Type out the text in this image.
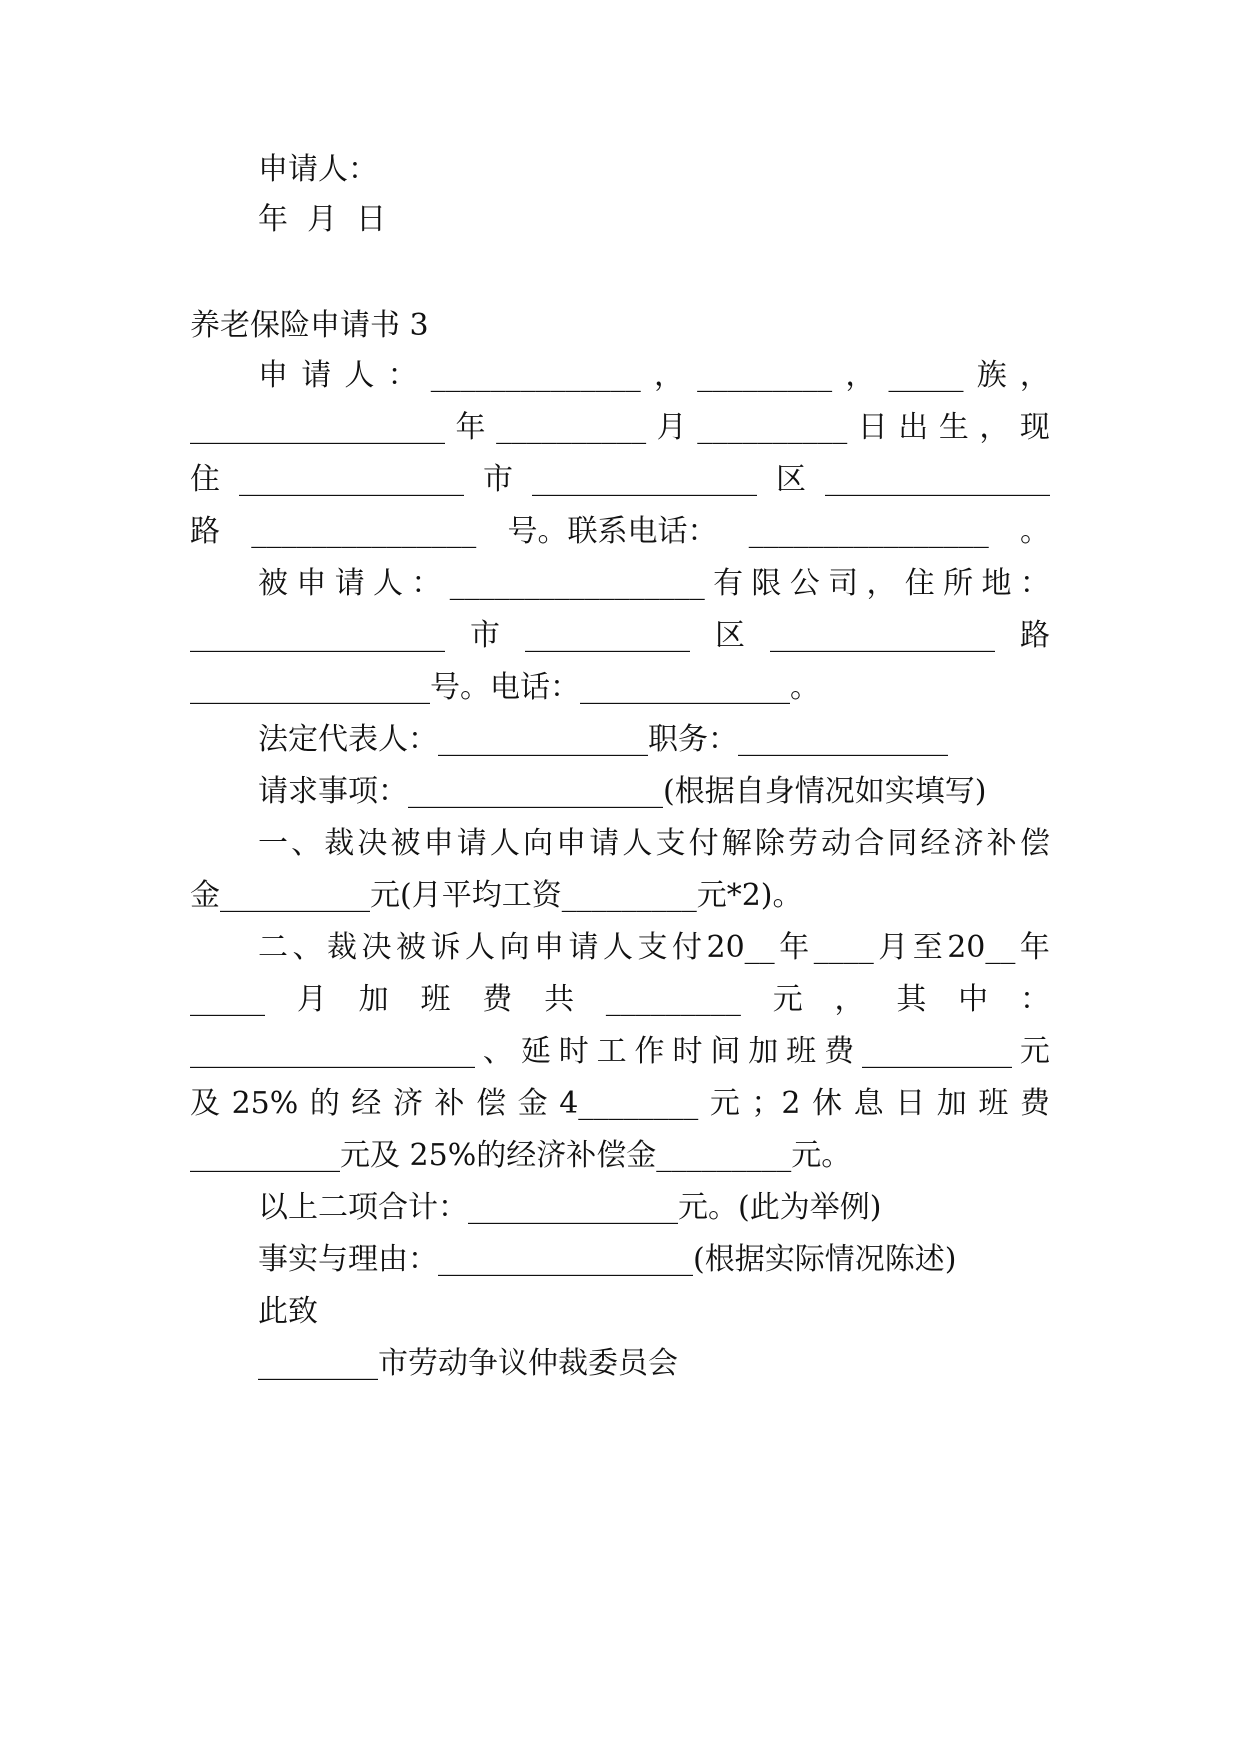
申请人：

年  月  日

养老保险申请书 3

申 请 人 ： ______________ ， _________ ， _____ 族 ，

_________________ 年 __________ 月 __________ 日 出 生 ， 现

住 _______________ 市 _______________ 区 _______________

路 _______________ 号。联系电话： ________________ 。

被 申 请 人 ： _________________ 有 限 公 司 ， 住 所 地 ：

_________________ 市 ___________ 区 _______________ 路

________________号。电话：______________。

法定代表人：______________职务：______________

请求事项：_________________(根据自身情况如实填写)

一 、 裁 决 被 申 请 人 向 申 请 人 支 付 解 除 劳 动 合 同 经 济 补 偿

金__________元(月平均工资_________元*2)。

二 、 裁 决 被 诉 人 向 申 请 人 支 付 20__ 年 ____ 月 至 20__ 年

_____ 月 加 班 费 共 _________ 元 ， 其 中 ：

___________________ 、 延 时 工 作 时 间 加 班 费 __________ 元

及 25% 的 经 济 补 偿 金 4________ 元 ；2 休 息 日 加 班 费

__________元及 25%的经济补偿金_________元。

以上二项合计：______________元。(此为举例)

事实与理由：_________________(根据实际情况陈述)

此致

________市劳动争议仲裁委员会
